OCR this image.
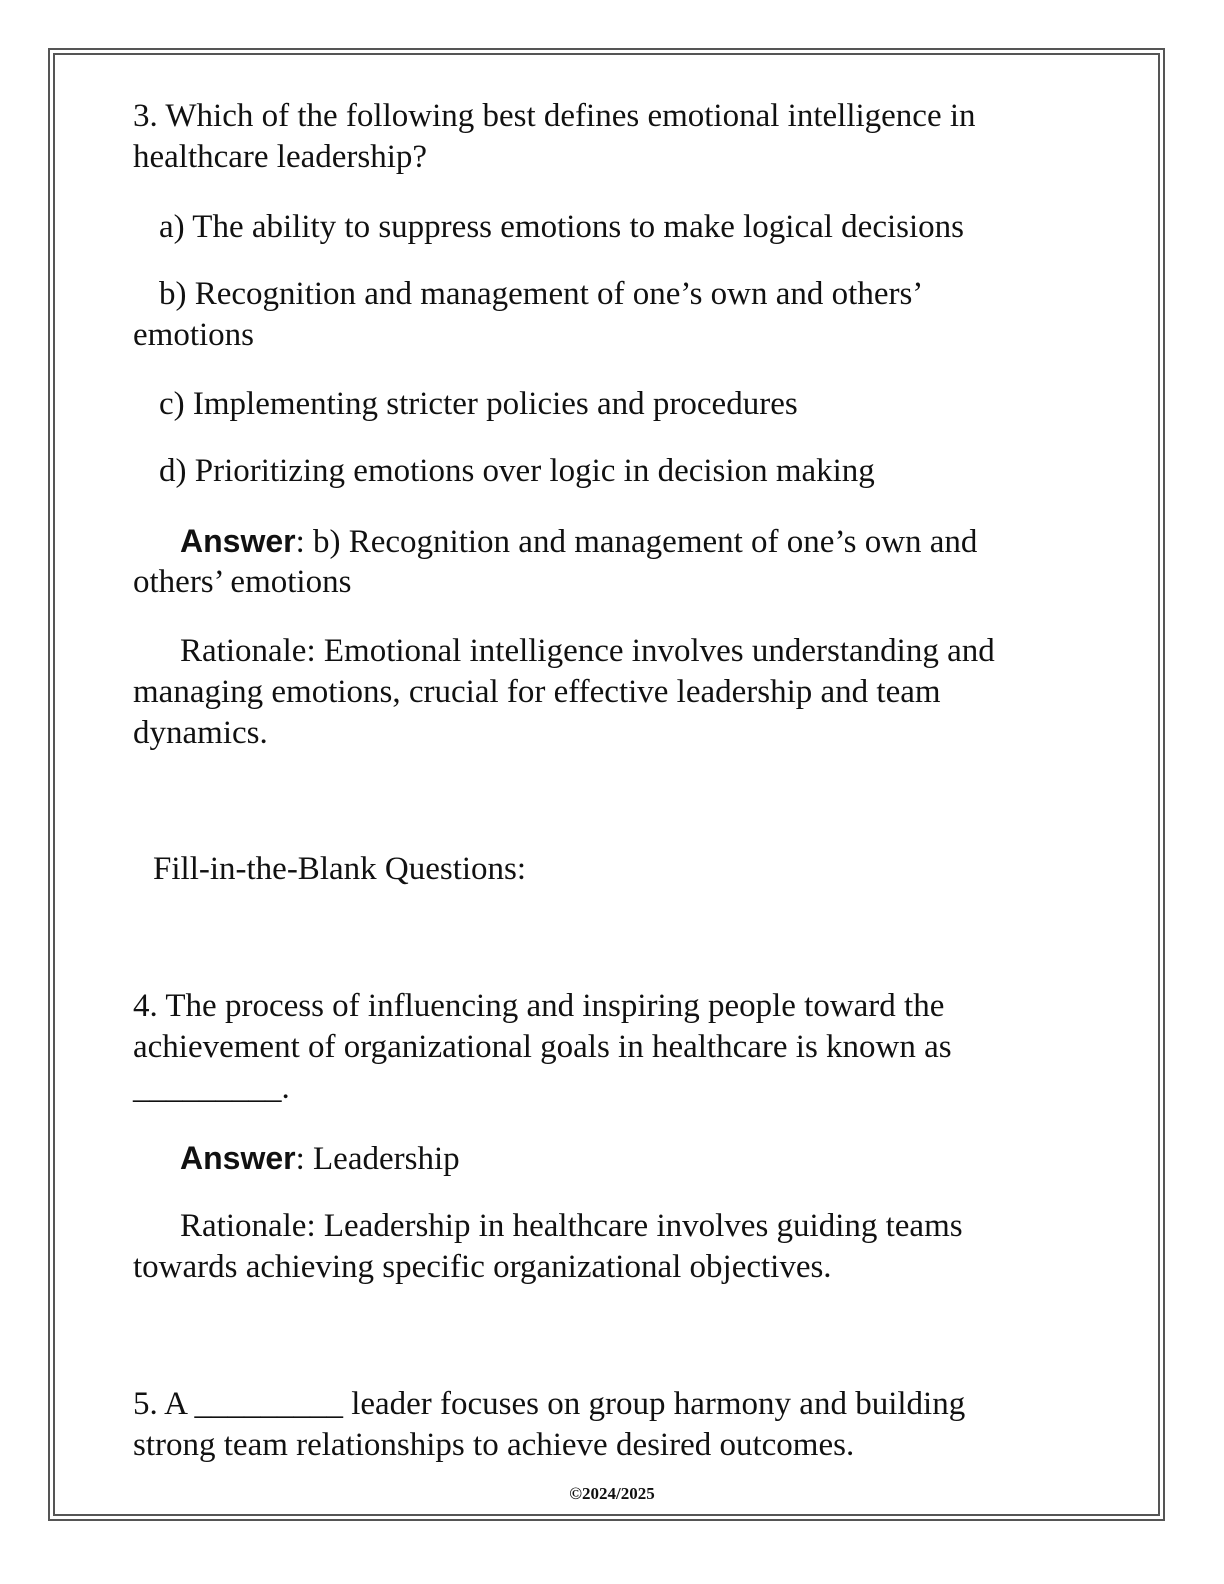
3. Which of the following best defines emotional intelligence in
healthcare leadership?
a) The ability to suppress emotions to make logical decisions
b) Recognition and management of one’s own and others’
emotions
c) Implementing stricter policies and procedures
d) Prioritizing emotions over logic in decision making
Answer: b) Recognition and management of one’s own and
others’ emotions
Rationale: Emotional intelligence involves understanding and
managing emotions, crucial for effective leadership and team
dynamics.
Fill-in-the-Blank Questions:
4. The process of influencing and inspiring people toward the
achievement of organizational goals in healthcare is known as
_________.
Answer: Leadership
Rationale: Leadership in healthcare involves guiding teams
towards achieving specific organizational objectives.
5. A _________ leader focuses on group harmony and building
strong team relationships to achieve desired outcomes.
©2024/2025
